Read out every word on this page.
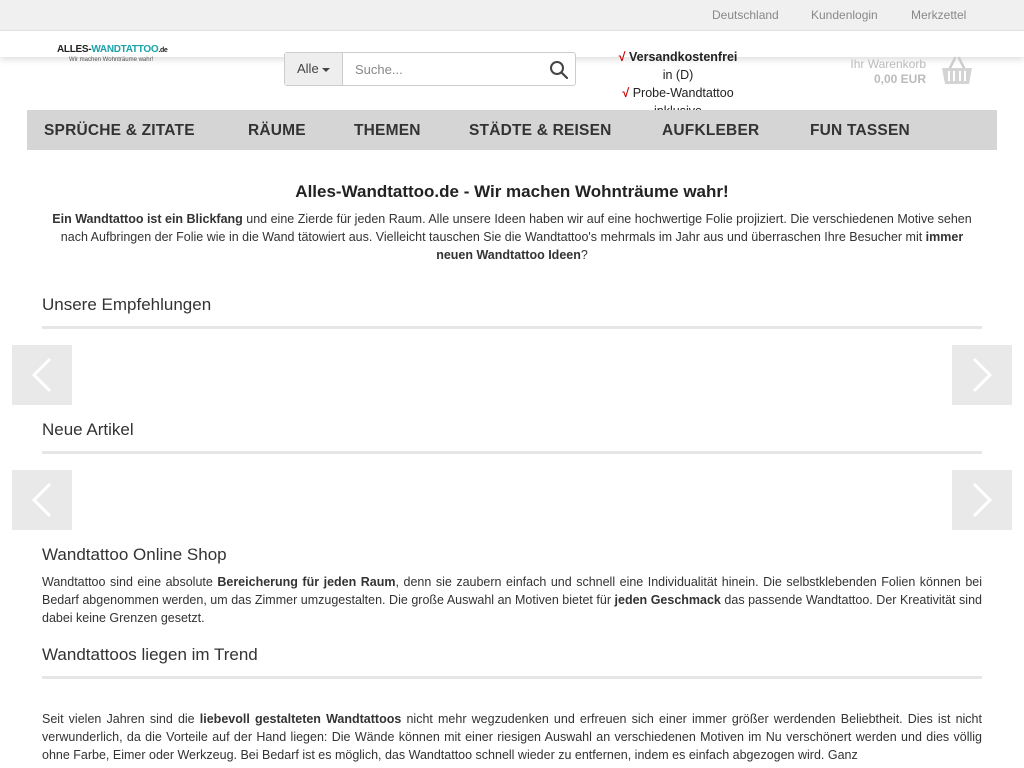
Deutschland	Kundenlogin	Merkzettel
ALLES-WANDTATTOO.de
Wir machen Wohnträume wahr!
Alle
Suche...
√ Versandkostenfrei
in (D)
√ Probe-Wandtattoo
Ihr Warenkorb
0,00 EUR
SPRÜCHE & ZITATE	RÄUME	THEMEN	STÄDTE & REISEN	AUFKLEBER	FUN TASSEN
Alles-Wandtattoo.de - Wir machen Wohnträume wahr!
Ein Wandtattoo ist ein Blickfang und eine Zierde für jeden Raum. Alle unsere Ideen haben wir auf eine hochwertige Folie projiziert. Die verschiedenen Motive sehen nach Aufbringen der Folie wie in die Wand tätowiert aus. Vielleicht tauschen Sie die Wandtattoo's mehrmals im Jahr aus und überraschen Ihre Besucher mit immer neuen Wandtattoo Ideen?
Unsere Empfehlungen
Neue Artikel
Wandtattoo Online Shop
Wandtattoo sind eine absolute Bereicherung für jeden Raum, denn sie zaubern einfach und schnell eine Individualität hinein. Die selbstklebenden Folien können bei Bedarf abgenommen werden, um das Zimmer umzugestalten. Die große Auswahl an Motiven bietet für jeden Geschmack das passende Wandtattoo. Der Kreativität sind dabei keine Grenzen gesetzt.
Wandtattoos liegen im Trend
Seit vielen Jahren sind die liebevoll gestalteten Wandtattoos nicht mehr wegzudenken und erfreuen sich einer immer größer werdenden Beliebtheit. Dies ist nicht verwunderlich, da die Vorteile auf der Hand liegen: Die Wände können mit einer riesigen Auswahl an verschiedenen Motiven im Nu verschönert werden und dies völlig ohne Farbe, Eimer oder Werkzeug. Bei Bedarf ist es möglich, das Wandtattoo schnell wieder zu entfernen, indem es einfach abgezogen wird. Ganz
